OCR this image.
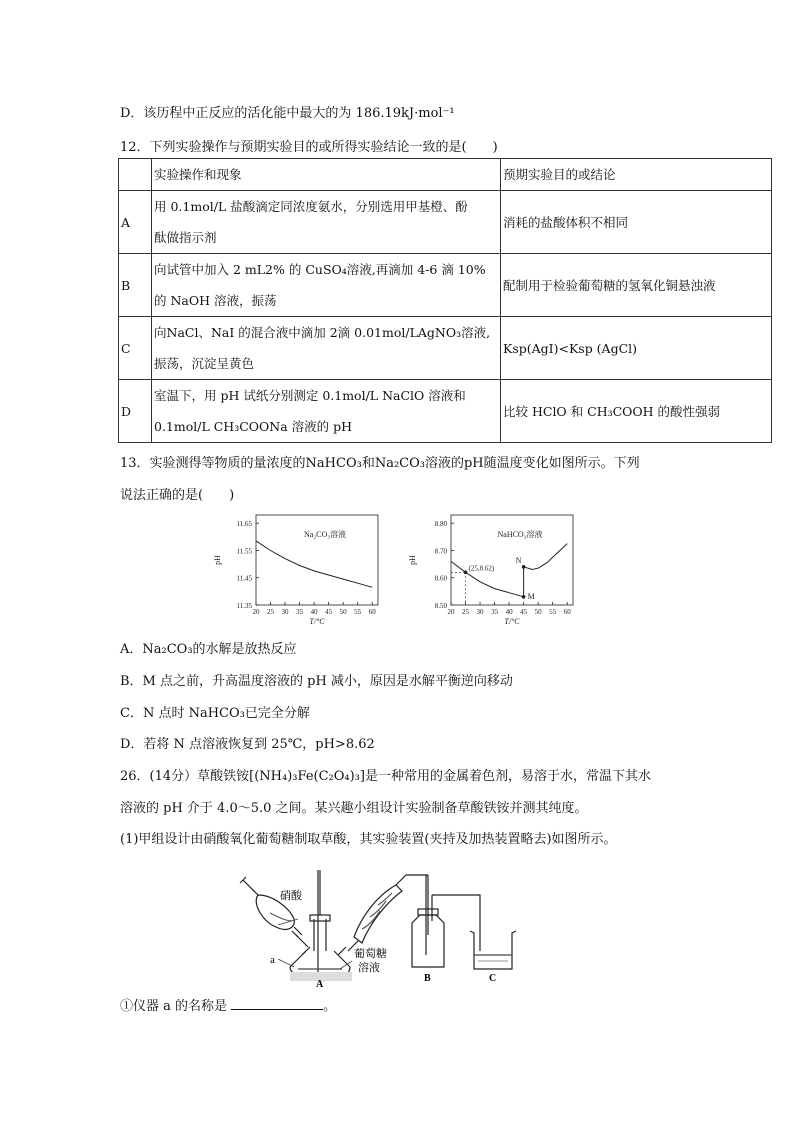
D．该历程中正反应的活化能中最大的为 186.19kJ·mol⁻¹
12．下列实验操作与预期实验目的或所得实验结论一致的是(　　)
	实验操作和现象	预期实验目的或结论
A	用 0.1mol/L 盐酸滴定同浓度氨水，分别选用甲基橙、酚
酞做指示剂	消耗的盐酸体积不相同
B	向试管中加入 2 mL2% 的 CuSO₄溶液,再滴加 4-6 滴 10%
的 NaOH 溶液，振荡	配制用于检验葡萄糖的氢氧化铜悬浊液
C	向NaCl、NaI 的混合液中滴加 2滴 0.01mol/LAgNO₃溶液,
振荡，沉淀呈黄色	Ksp(AgI)<Ksp (AgCl)
D	室温下，用 pH 试纸分别测定 0.1mol/L NaClO 溶液和
0.1mol/L CH₃COONa 溶液的 pH	比较 HClO 和 CH₃COOH 的酸性强弱
13．实验测得等物质的量浓度的NaHCO₃和Na₂CO₃溶液的pH随温度变化如图所示。下列
说法正确的是(　　)
11.35
11.45
11.55
11.65
20 25 30 35 40 45 50 55 60
T/°C
pH
Na₂CO₃溶液
8.50
8.60
8.70
8.80
20 25 30 35 40 45 50 55 60
T/°C
pH
NaHCO₃溶液
(25,8.62)
N
M
A．Na₂CO₃的水解是放热反应
B．M 点之前，升高温度溶液的 pH 减小，原因是水解平衡逆向移动
C．N 点时 NaHCO₃已完全分解
D．若将 N 点溶液恢复到 25℃，pH>8.62
26．(14分）草酸铁铵[(NH₄)₃Fe(C₂O₄)₃]是一种常用的金属着色剂，易溶于水，常温下其水
溶液的 pH 介于 4.0～5.0 之间。某兴趣小组设计实验制备草酸铁铵并测其纯度。
(1)甲组设计由硝酸氧化葡萄糖制取草酸，其实验装置(夹持及加热装置略去)如图所示。
硝酸
葡萄糖
溶液
a
A
B	C
①仪器 a 的名称是	。
